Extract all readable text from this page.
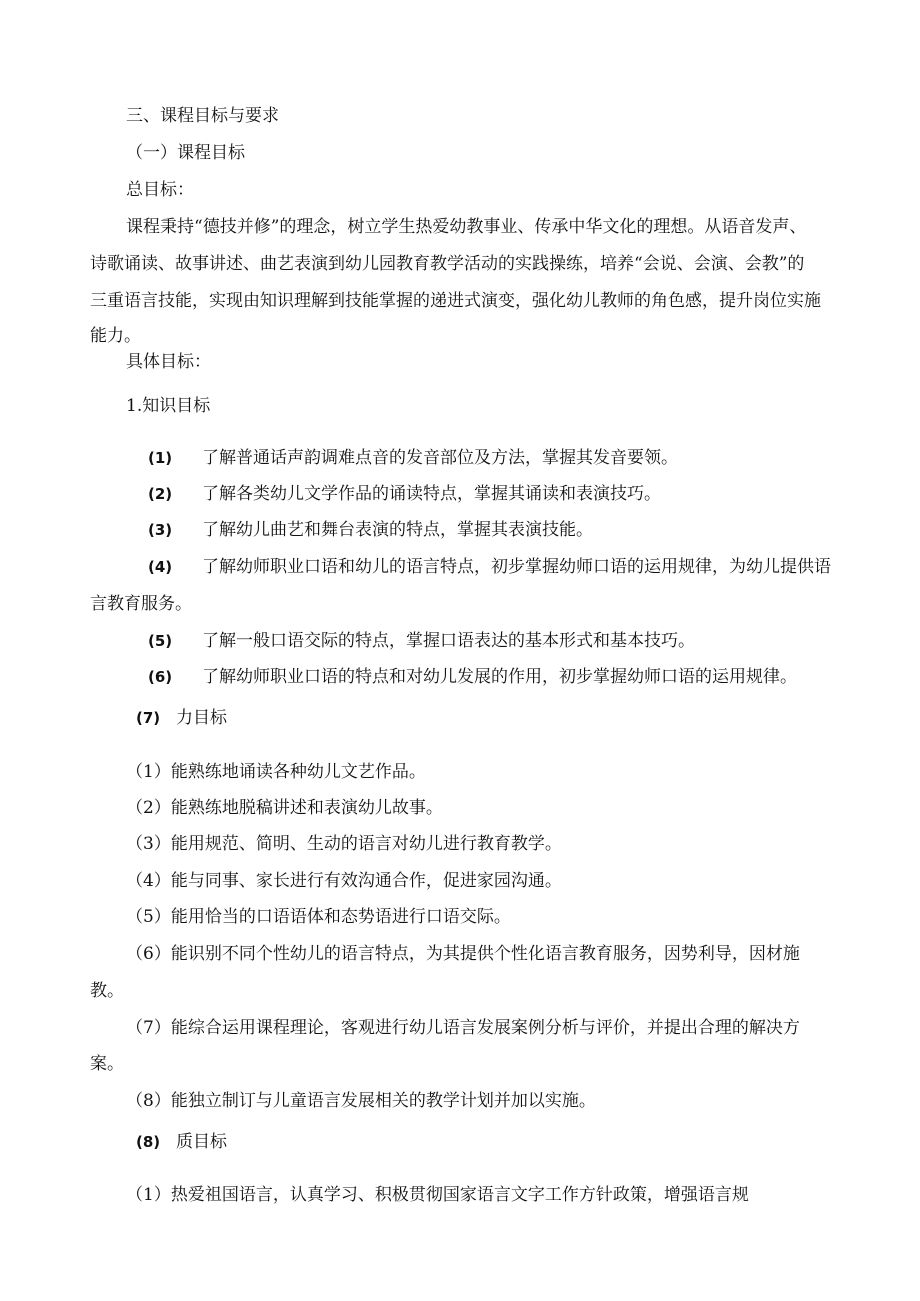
三、课程目标与要求
（一）课程目标
总目标：
课程秉持“德技并修”的理念，树立学生热爱幼教事业、传承中华文化的理想。从语音发声、
诗歌诵读、故事讲述、曲艺表演到幼儿园教育教学活动的实践操练，培养“会说、会演、会教”的
三重语言技能，实现由知识理解到技能掌握的递进式演变，强化幼儿教师的角色感，提升岗位实施
能力。
具体目标：
1.知识目标
(1) 了解普通话声韵调难点音的发音部位及方法，掌握其发音要领。
(2) 了解各类幼儿文学作品的诵读特点，掌握其诵读和表演技巧。
(3) 了解幼儿曲艺和舞台表演的特点，掌握其表演技能。
(4) 了解幼师职业口语和幼儿的语言特点，初步掌握幼师口语的运用规律，为幼儿提供语
言教育服务。
(5) 了解一般口语交际的特点，掌握口语表达的基本形式和基本技巧。
(6) 了解幼师职业口语的特点和对幼儿发展的作用，初步掌握幼师口语的运用规律。
(7) 力目标
（1）能熟练地诵读各种幼儿文艺作品。
（2）能熟练地脱稿讲述和表演幼儿故事。
（3）能用规范、简明、生动的语言对幼儿进行教育教学。
（4）能与同事、家长进行有效沟通合作，促进家园沟通。
（5）能用恰当的口语语体和态势语进行口语交际。
（6）能识别不同个性幼儿的语言特点，为其提供个性化语言教育服务，因势利导，因材施
教。
（7）能综合运用课程理论，客观进行幼儿语言发展案例分析与评价，并提出合理的解决方
案。
（8）能独立制订与儿童语言发展相关的教学计划并加以实施。
(8) 质目标
（1）热爱祖国语言，认真学习、积极贯彻国家语言文字工作方针政策，增强语言规
